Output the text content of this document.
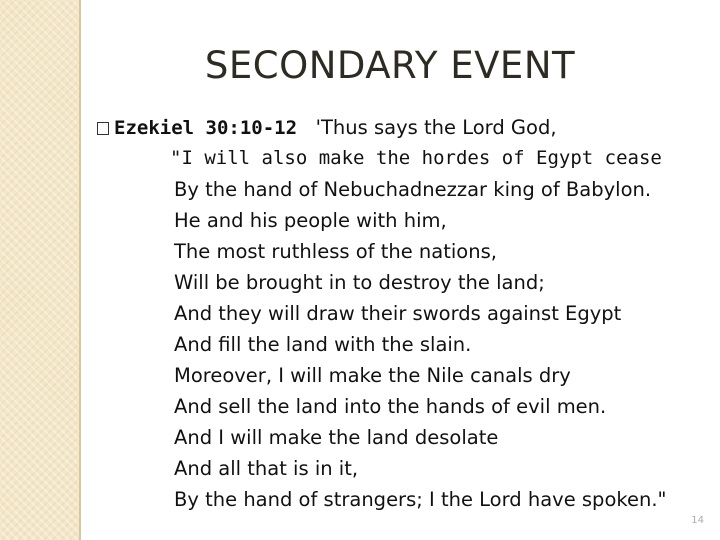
SECONDARY EVENT
Ezekiel 30:10-12 'Thus says the Lord God,
"I will also make the hordes of Egypt cease
By the hand of Nebuchadnezzar king of Babylon.
He and his people with him,
The most ruthless of the nations,
Will be brought in to destroy the land;
And they will draw their swords against Egypt
And fill the land with the slain.
Moreover, I will make the Nile canals dry
And sell the land into the hands of evil men.
And I will make the land desolate
And all that is in it,
By the hand of strangers; I the Lord have spoken."
14
